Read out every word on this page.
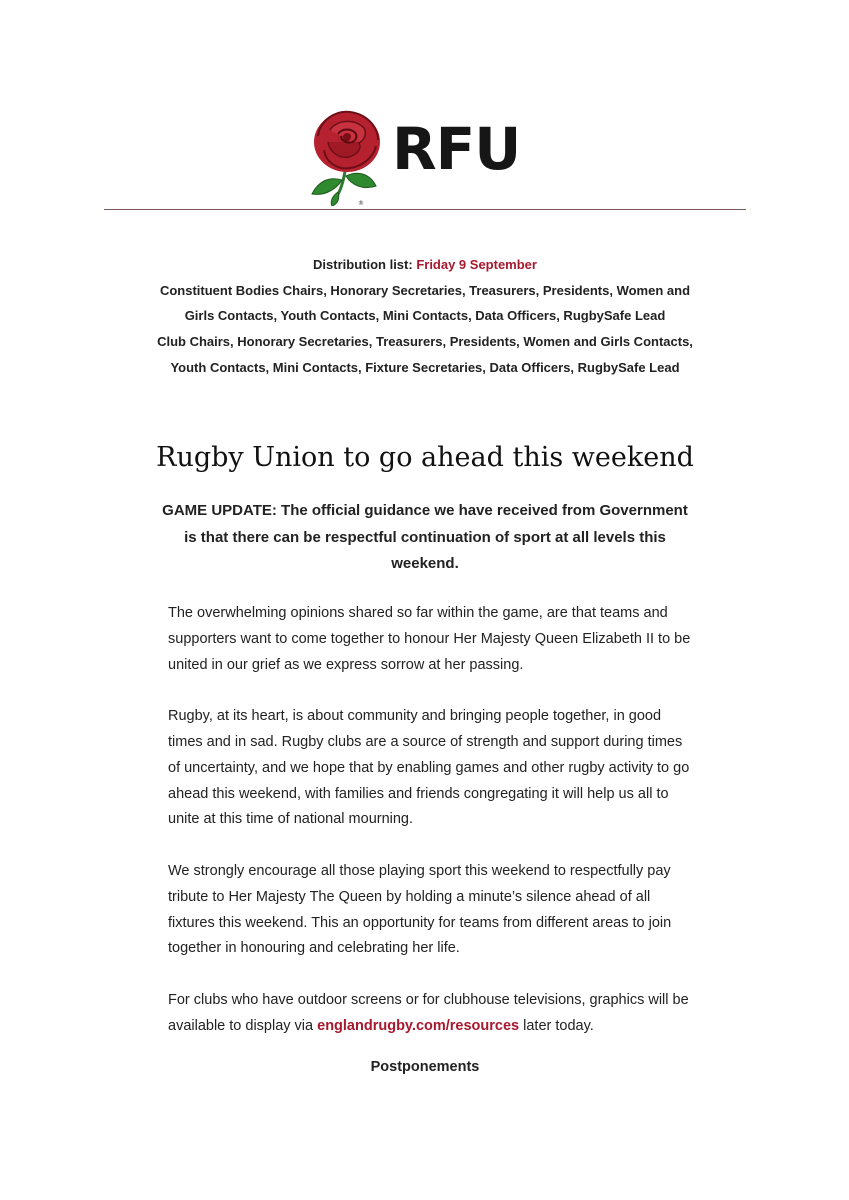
®
RFU

Distribution list: Friday 9 September

Constituent Bodies Chairs, Honorary Secretaries, Treasurers, Presidents, Women and Girls Contacts, Youth Contacts, Mini Contacts, Data Officers, RugbySafe Lead

Club Chairs, Honorary Secretaries, Treasurers, Presidents, Women and Girls Contacts, Youth Contacts, Mini Contacts, Fixture Secretaries, Data Officers, RugbySafe Lead

Rugby Union to go ahead this weekend
GAME UPDATE: The official guidance we have received from Government is that there can be respectful continuation of sport at all levels this weekend.

The overwhelming opinions shared so far within the game, are that teams and supporters want to come together to honour Her Majesty Queen Elizabeth II to be united in our grief as we express sorrow at her passing.

Rugby, at its heart, is about community and bringing people together, in good times and in sad. Rugby clubs are a source of strength and support during times of uncertainty, and we hope that by enabling games and other rugby activity to go ahead this weekend, with families and friends congregating it will help us all to unite at this time of national mourning.

We strongly encourage all those playing sport this weekend to respectfully pay tribute to Her Majesty The Queen by holding a minute’s silence ahead of all fixtures this weekend. This an opportunity for teams from different areas to join together in honouring and celebrating her life.

For clubs who have outdoor screens or for clubhouse televisions, graphics will be available to display via englandrugby.com/resources later today.

Postponements
